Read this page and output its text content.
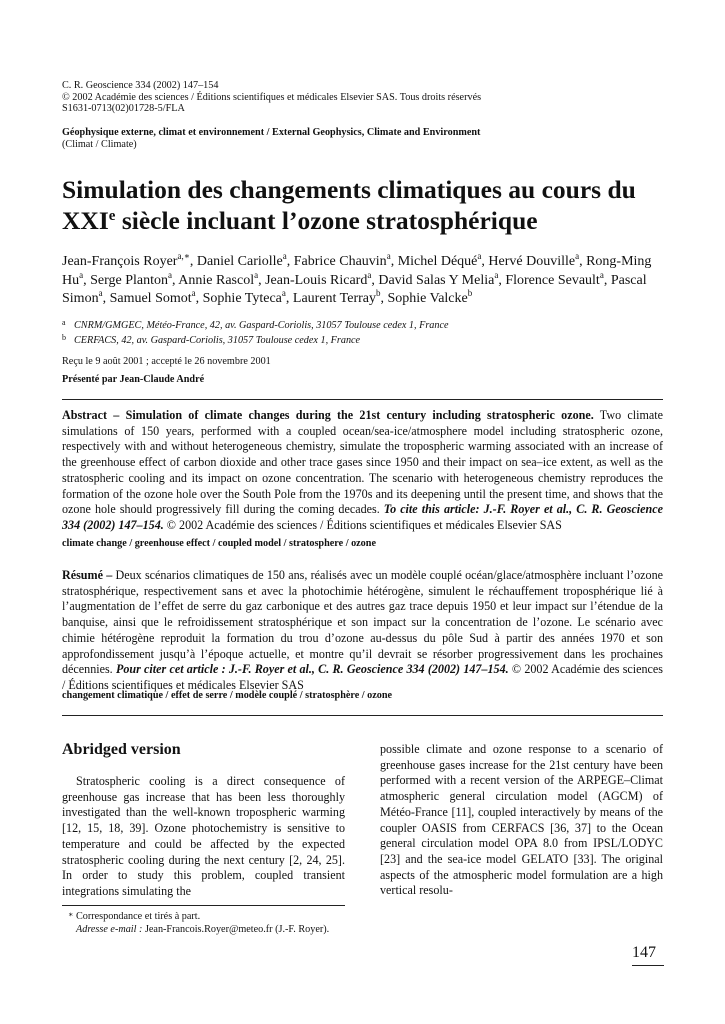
C. R. Geoscience 334 (2002) 147–154
© 2002 Académie des sciences / Éditions scientifiques et médicales Elsevier SAS. Tous droits réservés
S1631-0713(02)01728-5/FLA
Géophysique externe, climat et environnement / External Geophysics, Climate and Environment
(Climat / Climate)
Simulation des changements climatiques au cours du
XXIe siècle incluant l’ozone stratosphérique
Jean-François Royer$^{a,∗}$, Daniel Cariolle$^a$, Fabrice Chauvin$^a$, Michel Déqué$^a$, Hervé Douville$^a$, Rong-Ming Hu$^a$, Serge Planton$^a$, Annie Rascol$^a$, Jean-Louis Ricard$^a$, David Salas Y Melia$^a$, Florence Sevault$^a$, Pascal Simon$^a$, Samuel Somot$^a$, Sophie Tyteca$^a$, Laurent Terray$^b$, Sophie Valcke$^b$
a CNRM/GMGEC, Météo-France, 42, av. Gaspard-Coriolis, 31057 Toulouse cedex 1, France
b CERFACS, 42, av. Gaspard-Coriolis, 31057 Toulouse cedex 1, France
Reçu le 9 août 2001 ; accepté le 26 novembre 2001
Présenté par Jean-Claude André
Abstract – Simulation of climate changes during the 21st century including stratospheric ozone. Two climate simulations of 150 years, performed with a coupled ocean/sea-ice/atmosphere model including stratospheric ozone, respectively with and without heterogeneous chemistry, simulate the tropospheric warming associated with an increase of the greenhouse effect of carbon dioxide and other trace gases since 1950 and their impact on sea–ice extent, as well as the stratospheric cooling and its impact on ozone concentration. The scenario with heterogeneous chemistry reproduces the formation of the ozone hole over the South Pole from the 1970s and its deepening until the present time, and shows that the ozone hole should progressively fill during the coming decades. To cite this article: J.-F. Royer et al., C. R. Geoscience 334 (2002) 147–154. © 2002 Académie des sciences / Éditions scientifiques et médicales Elsevier SAS
climate change / greenhouse effect / coupled model / stratosphere / ozone
Résumé – Deux scénarios climatiques de 150 ans, réalisés avec un modèle couplé océan/glace/atmosphère incluant l’ozone stratosphérique, respectivement sans et avec la photochimie hétérogène, simulent le réchauffement troposphérique lié à l’augmentation de l’effet de serre du gaz carbonique et des autres gaz trace depuis 1950 et leur impact sur l’étendue de la banquise, ainsi que le refroidissement stratosphérique et son impact sur la concentration de l’ozone. Le scénario avec chimie hétérogène reproduit la formation du trou d’ozone au-dessus du pôle Sud à partir des années 1970 et son approfondissement jusqu’à l’époque actuelle, et montre qu’il devrait se résorber progressivement dans les prochaines décennies. Pour citer cet article : J.-F. Royer et al., C. R. Geoscience 334 (2002) 147–154. © 2002 Académie des sciences / Éditions scientifiques et médicales Elsevier SAS
changement climatique / effet de serre / modèle couplé / stratosphère / ozone
Abridged version

Stratospheric cooling is a direct consequence of greenhouse gas increase that has been less thoroughly investigated than the well-known tropospheric warming [12, 15, 18, 39]. Ozone photochemistry is sensitive to temperature and could be affected by the expected stratospheric cooling during the next century [2, 24, 25]. In order to study this problem, coupled transient integrations simulating the

possible climate and ozone response to a scenario of greenhouse gases increase for the 21st century have been performed with a recent version of the ARPEGE–Climat atmospheric general circulation model (AGCM) of Météo-France [11], coupled interactively by means of the coupler OASIS from CERFACS [36, 37] to the Ocean general circulation model OPA 8.0 from IPSL/LODYC [23] and the sea-ice model GELATO [33]. The original aspects of the atmospheric model formulation are a high vertical resolu-

∗ Correspondance et tirés à part.
Adresse e-mail : Jean-Francois.Royer@meteo.fr (J.-F. Royer).
147
